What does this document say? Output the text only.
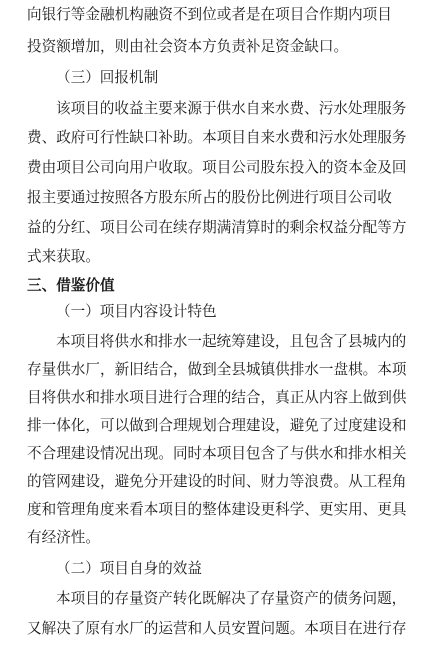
向银行等金融机构融资不到位或者是在项目合作期内项目
投资额增加，则由社会资本方负责补足资金缺口。
（三）回报机制
该项目的收益主要来源于供水自来水费、污水处理服务
费、政府可行性缺口补助。本项目自来水费和污水处理服务
费由项目公司向用户收取。项目公司股东投入的资本金及回
报主要通过按照各方股东所占的股份比例进行项目公司收
益的分红、项目公司在续存期满清算时的剩余权益分配等方
式来获取。
三、借鉴价值
（一）项目内容设计特色
本项目将供水和排水一起统筹建设，且包含了县城内的
存量供水厂，新旧结合，做到全县城镇供排水一盘棋。本项
目将供水和排水项目进行合理的结合，真正从内容上做到供
排一体化，可以做到合理规划合理建设，避免了过度建设和
不合理建设情况出现。同时本项目包含了与供水和排水相关
的管网建设，避免分开建设的时间、财力等浪费。从工程角
度和管理角度来看本项目的整体建设更科学、更实用、更具
有经济性。
（二）项目自身的效益
本项目的存量资产转化既解决了存量资产的债务问题，
又解决了原有水厂的运营和人员安置问题。本项目在进行存
